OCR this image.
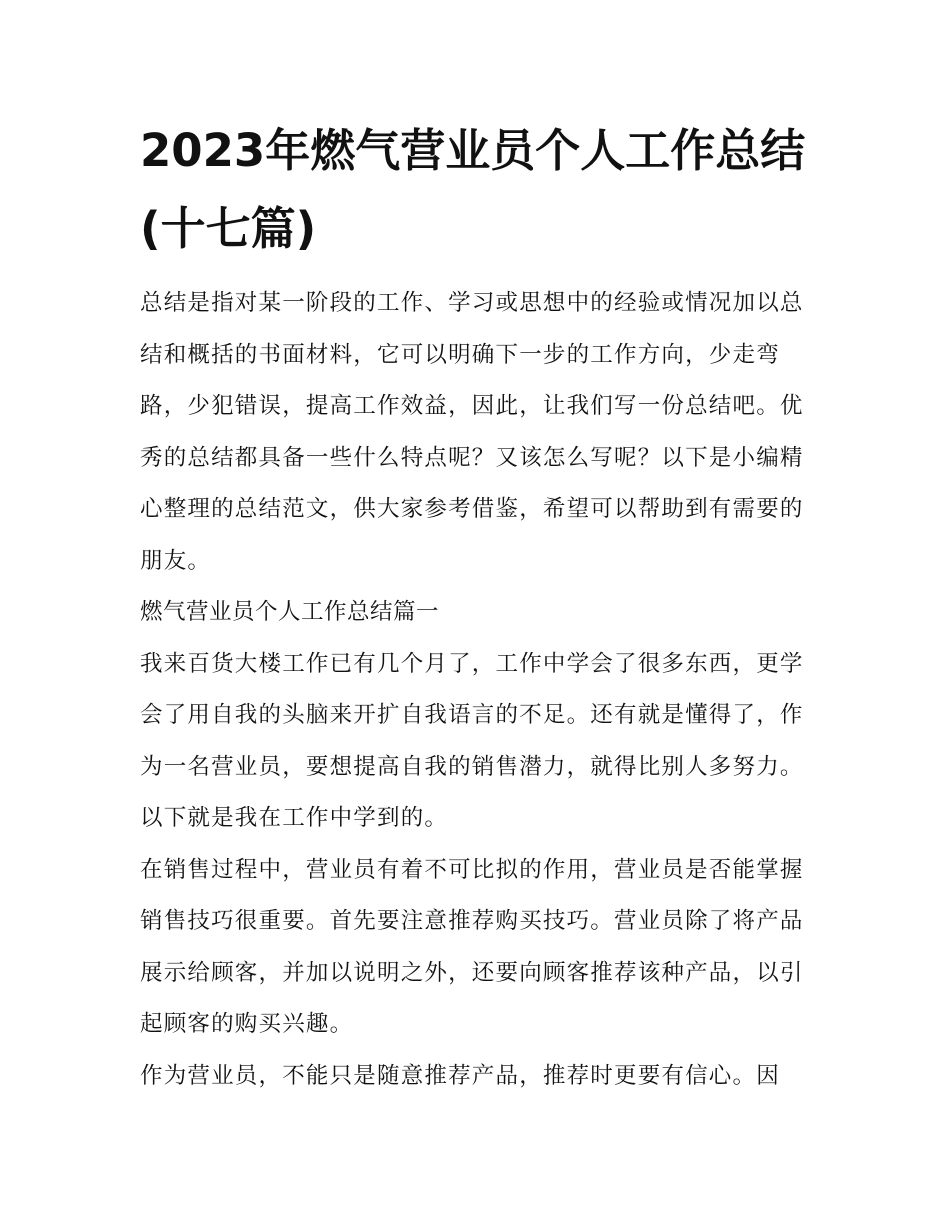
2023年燃气营业员个人工作总结(十七篇)

总结是指对某一阶段的工作、学习或思想中的经验或情况加以总结和概括的书面材料，它可以明确下一步的工作方向，少走弯路，少犯错误，提高工作效益，因此，让我们写一份总结吧。优秀的总结都具备一些什么特点呢？又该怎么写呢？以下是小编精心整理的总结范文，供大家参考借鉴，希望可以帮助到有需要的朋友。

燃气营业员个人工作总结篇一

我来百货大楼工作已有几个月了，工作中学会了很多东西，更学会了用自我的头脑来开扩自我语言的不足。还有就是懂得了，作为一名营业员，要想提高自我的销售潜力，就得比别人多努力。以下就是我在工作中学到的。

在销售过程中，营业员有着不可比拟的作用，营业员是否能掌握销售技巧很重要。首先要注意推荐购买技巧。营业员除了将产品展示给顾客，并加以说明之外，还要向顾客推荐该种产品，以引起顾客的购买兴趣。

作为营业员，不能只是随意推荐产品，推荐时更要有信心。因
